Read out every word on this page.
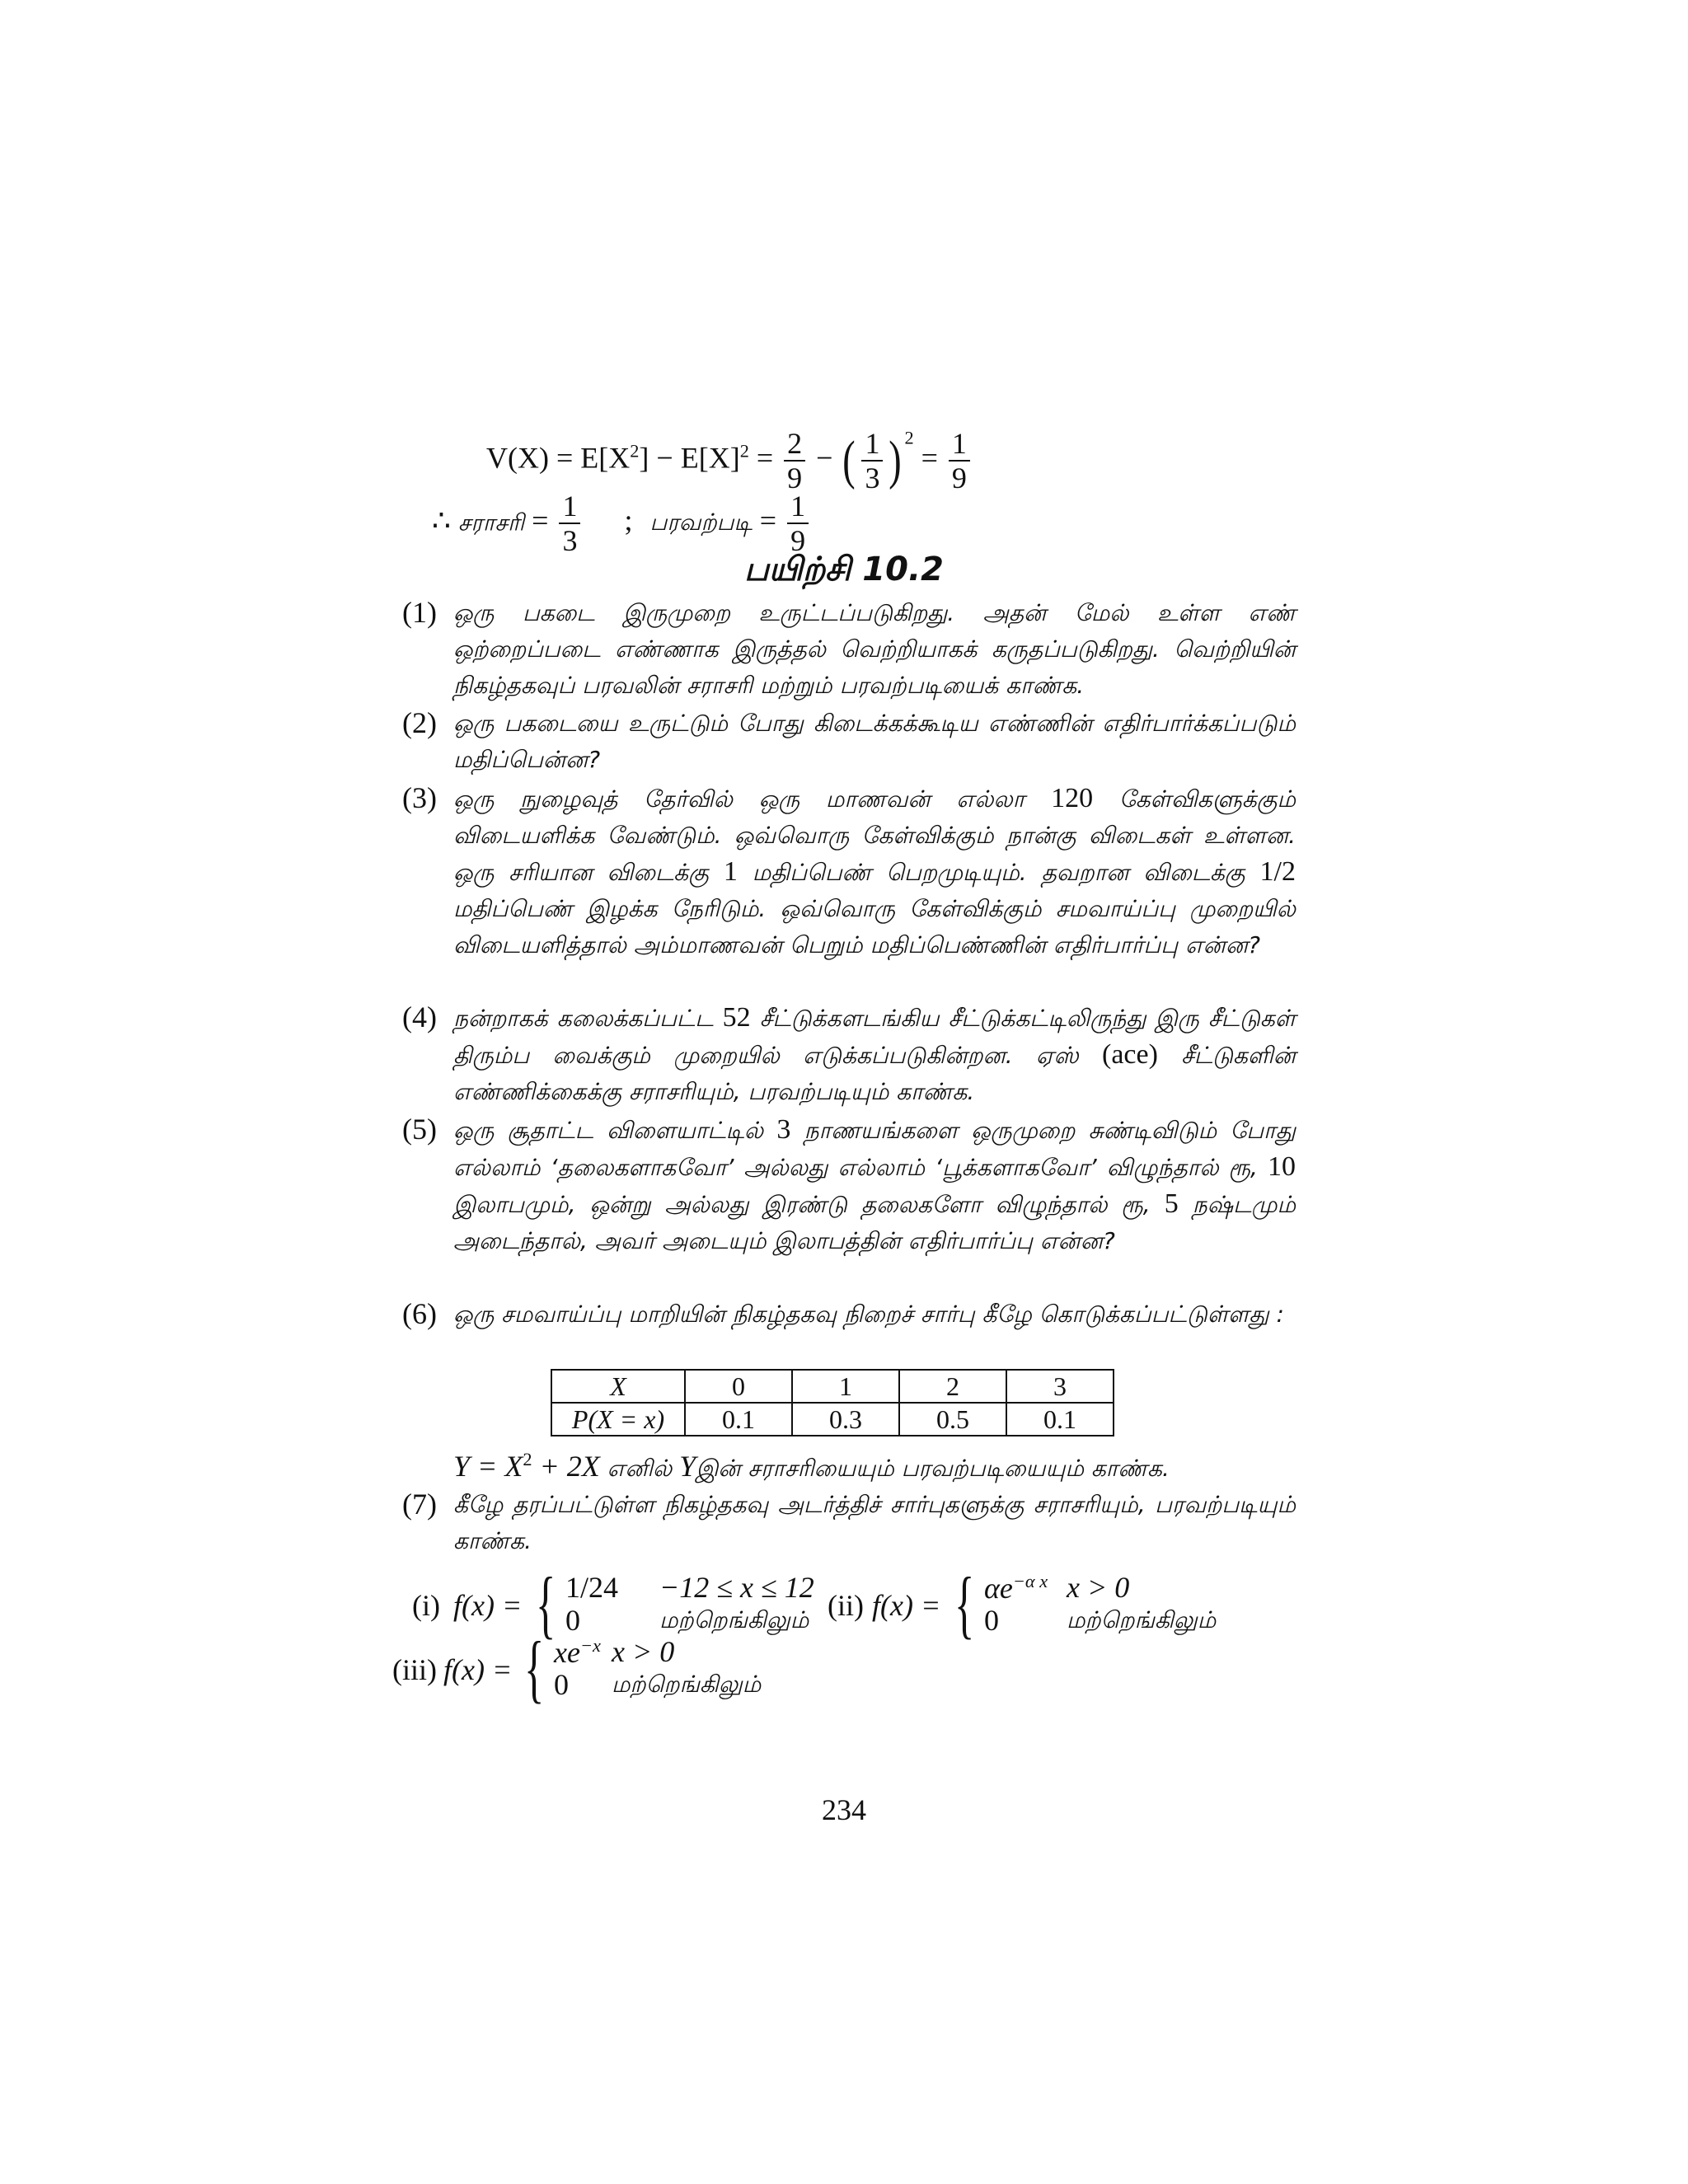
$V(X) = E[X^2] - E[X]^2 = \frac{2}{9}$ − ( $\frac{1}{3}$ ) $^2 = \frac{1}{9}$
∴ சராசரி = $\frac{1}{3}$ ; பரவற்படி = $\frac{1}{9}$
பயிற்சி 10.2
(1) ஒரு பகடை இருமுறை உருட்டப்படுகிறது. அதன் மேல் உள்ள எண் ஒற்றைப்படை எண்ணாக இருத்தல் வெற்றியாகக் கருதப்படுகிறது. வெற்றியின் நிகழ்தகவுப் பரவலின் சராசரி மற்றும் பரவற்படியைக் காண்க.
(2) ஒரு பகடையை உருட்டும் போது கிடைக்கக்கூடிய எண்ணின் எதிர்பார்க்கப்படும் மதிப்பென்ன?
(3) ஒரு நுழைவுத் தேர்வில் ஒரு மாணவன் எல்லா 120 கேள்விகளுக்கும் விடையளிக்க வேண்டும். ஒவ்வொரு கேள்விக்கும் நான்கு விடைகள் உள்ளன. ஒரு சரியான விடைக்கு 1 மதிப்பெண் பெறமுடியும். தவறான விடைக்கு 1/2 மதிப்பெண் இழக்க நேரிடும். ஒவ்வொரு கேள்விக்கும் சமவாய்ப்பு முறையில் விடையளித்தால் அம்மாணவன் பெறும் மதிப்பெண்ணின் எதிர்பார்ப்பு என்ன?
(4) நன்றாகக் கலைக்கப்பட்ட 52 சீட்டுக்களடங்கிய சீட்டுக்கட்டிலிருந்து இரு சீட்டுகள் திரும்ப வைக்கும் முறையில் எடுக்கப்படுகின்றன. ஏஸ் (ace) சீட்டுகளின் எண்ணிக்கைக்கு சராசரியும், பரவற்படியும் காண்க.
(5) ஒரு சூதாட்ட விளையாட்டில் 3 நாணயங்களை ஒருமுறை சுண்டிவிடும் போது எல்லாம் ‘தலைகளாகவோ’ அல்லது எல்லாம் ‘பூக்களாகவோ’ விழுந்தால் ரூ, 10 இலாபமும், ஒன்று அல்லது இரண்டு தலைகளோ விழுந்தால் ரூ, 5 நஷ்டமும் அடைந்தால், அவர் அடையும் இலாபத்தின் எதிர்பார்ப்பு என்ன?
(6) ஒரு சமவாய்ப்பு மாறியின் நிகழ்தகவு நிறைச் சார்பு கீழே கொடுக்கப்பட்டுள்ளது :
X	0	1	2	3
P(X = x)	0.1	0.3	0.5	0.1
$Y = X^2 + 2X$ எனில் Yஇன் சராசரியையும் பரவற்படியையும் காண்க.
(7) கீழே தரப்பட்டுள்ள நிகழ்தகவு அடர்த்திச் சார்புகளுக்கு சராசரியும், பரவற்படியும் காண்க.
(i) f(x) = { 1/24 −12 ≤ x ≤ 12
0	மற்றெங்கிலும் (ii) f(x) = { $\alpha e^{-\alpha x}$ x > 0
0	மற்றெங்கிலும்
(iii) f(x) = { $xe^{-x}$ x > 0
0 மற்றெங்கிலும்
234
